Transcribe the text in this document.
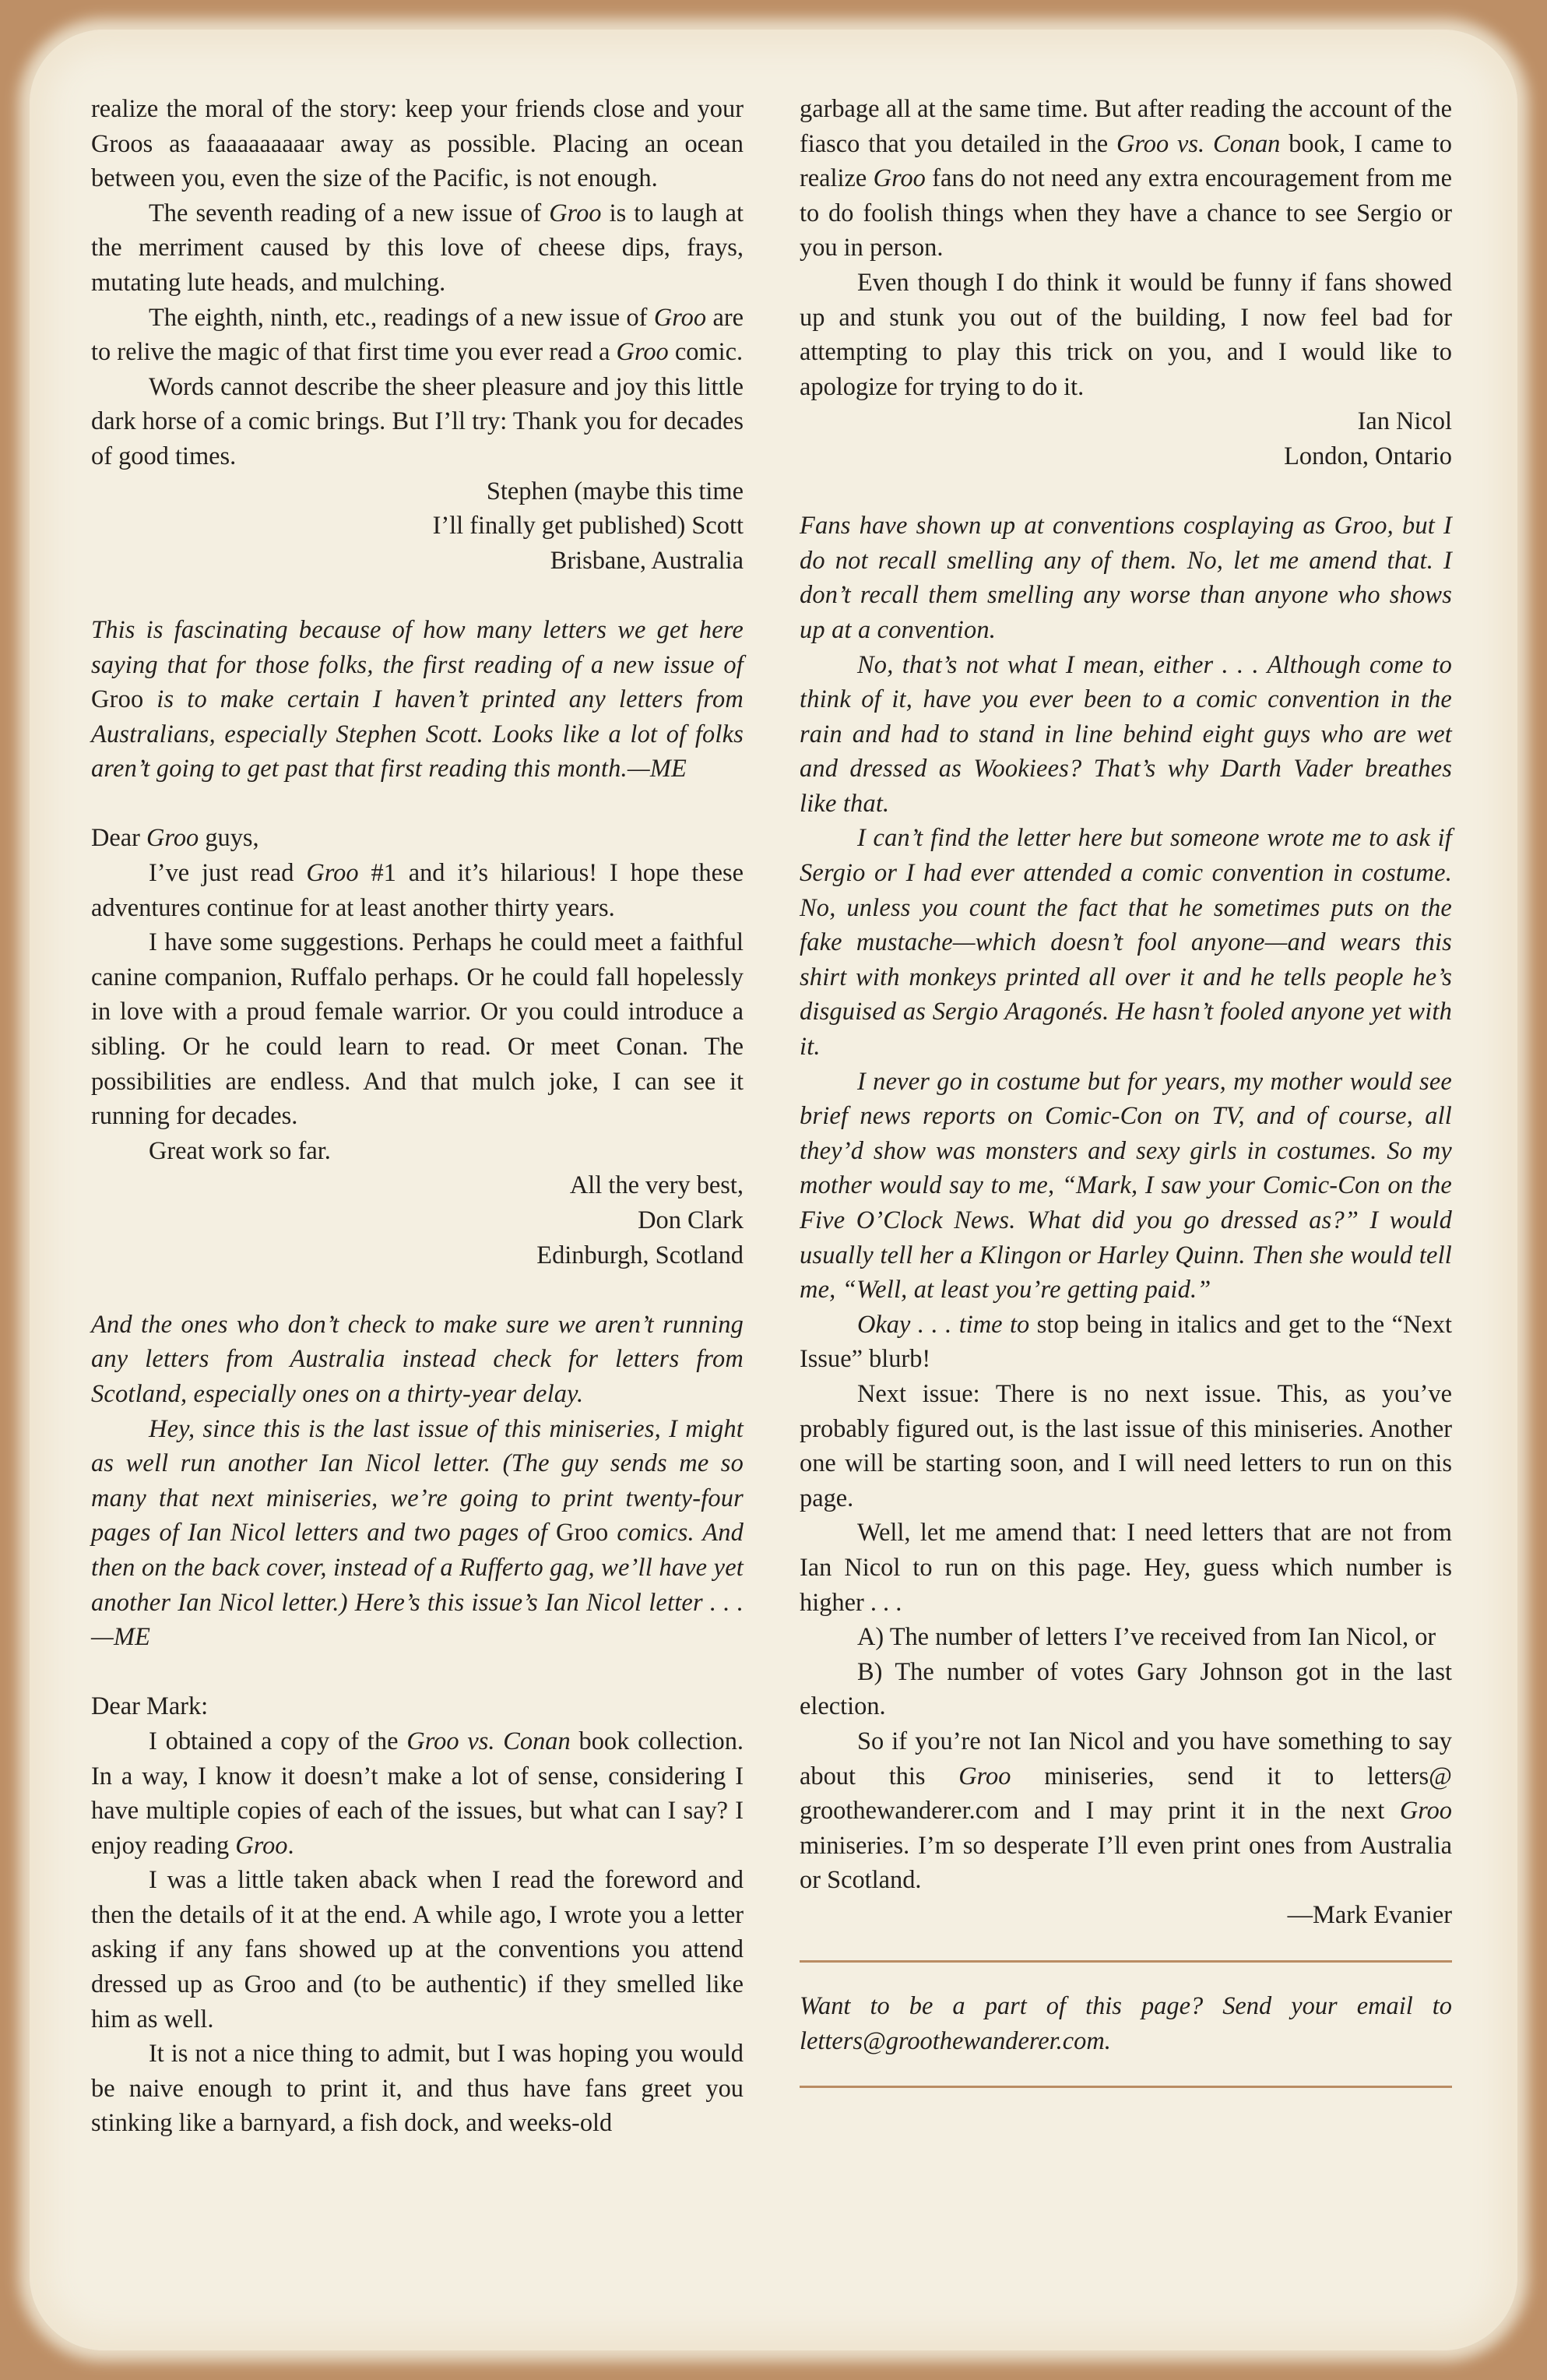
realize the moral of the story: keep your friends close and your Groos as faaaaaaaaar away as possible. Placing an ocean between you, even the size of the Pacific, is not enough.

The seventh reading of a new issue of Groo is to laugh at the merriment caused by this love of cheese dips, frays, mutating lute heads, and mulching.

The eighth, ninth, etc., readings of a new issue of Groo are to relive the magic of that first time you ever read a Groo comic.

Words cannot describe the sheer pleasure and joy this little dark horse of a comic brings. But I’ll try: Thank you for decades of good times.

Stephen (maybe this time

I’ll finally get published) Scott

Brisbane, Australia

This is fascinating because of how many letters we get here saying that for those folks, the first reading of a new issue of Groo is to make certain I haven’t printed any letters from Australians, especially Stephen Scott. Looks like a lot of folks aren’t going to get past that first reading this month.—ME

Dear Groo guys,

I’ve just read Groo #1 and it’s hilarious! I hope these adventures continue for at least another thirty years.

I have some suggestions. Perhaps he could meet a faithful canine companion, Ruffalo perhaps. Or he could fall hopelessly in love with a proud female warrior. Or you could introduce a sibling. Or he could learn to read. Or meet Conan. The possibilities are endless. And that mulch joke, I can see it running for decades.

Great work so far.

All the very best,

Don Clark

Edinburgh, Scotland

And the ones who don’t check to make sure we aren’t running any letters from Australia instead check for letters from Scotland, especially ones on a thirty-year delay.

Hey, since this is the last issue of this miniseries, I might as well run another Ian Nicol letter. (The guy sends me so many that next miniseries, we’re going to print twenty-four pages of Ian Nicol letters and two pages of Groo comics. And then on the back cover, instead of a Rufferto gag, we’ll have yet another Ian Nicol letter.) Here’s this issue’s Ian Nicol letter . . .—ME

Dear Mark:

I obtained a copy of the Groo vs. Conan book collection. In a way, I know it doesn’t make a lot of sense, considering I have multiple copies of each of the issues, but what can I say? I enjoy reading Groo.

I was a little taken aback when I read the foreword and then the details of it at the end. A while ago, I wrote you a letter asking if any fans showed up at the conventions you attend dressed up as Groo and (to be authentic) if they smelled like him as well.

It is not a nice thing to admit, but I was hoping you would be naive enough to print it, and thus have fans greet you stinking like a barnyard, a fish dock, and weeks-old

garbage all at the same time. But after reading the account of the fiasco that you detailed in the Groo vs. Conan book, I came to realize Groo fans do not need any extra encouragement from me to do foolish things when they have a chance to see Sergio or you in person.

Even though I do think it would be funny if fans showed up and stunk you out of the building, I now feel bad for attempting to play this trick on you, and I would like to apologize for trying to do it.

Ian Nicol

London, Ontario

Fans have shown up at conventions cosplaying as Groo, but I do not recall smelling any of them. No, let me amend that. I don’t recall them smelling any worse than anyone who shows up at a convention.

No, that’s not what I mean, either . . . Although come to think of it, have you ever been to a comic convention in the rain and had to stand in line behind eight guys who are wet and dressed as Wookiees? That’s why Darth Vader breathes like that.

I can’t find the letter here but someone wrote me to ask if Sergio or I had ever attended a comic convention in costume. No, unless you count the fact that he sometimes puts on the fake mustache—which doesn’t fool anyone—and wears this shirt with monkeys printed all over it and he tells people he’s disguised as Sergio Aragonés. He hasn’t fooled anyone yet with it.

I never go in costume but for years, my mother would see brief news reports on Comic-Con on TV, and of course, all they’d show was monsters and sexy girls in costumes. So my mother would say to me, “Mark, I saw your Comic-Con on the Five O’Clock News. What did you go dressed as?” I would usually tell her a Klingon or Harley Quinn. Then she would tell me, “Well, at least you’re getting paid.”

Okay . . . time to stop being in italics and get to the “Next Issue” blurb!

Next issue: There is no next issue. This, as you’ve probably figured out, is the last issue of this miniseries. Another one will be starting soon, and I will need letters to run on this page.

Well, let me amend that: I need letters that are not from Ian Nicol to run on this page. Hey, guess which number is higher . . .

A) The number of letters I’ve received from Ian Nicol, or

B) The number of votes Gary Johnson got in the last election.

So if you’re not Ian Nicol and you have something to say about this Groo miniseries, send it to letters@ groothewanderer.com and I may print it in the next Groo miniseries. I’m so desperate I’ll even print ones from Australia or Scotland.

—Mark Evanier

Want to be a part of this page? Send your email to letters@groothewanderer.com.
